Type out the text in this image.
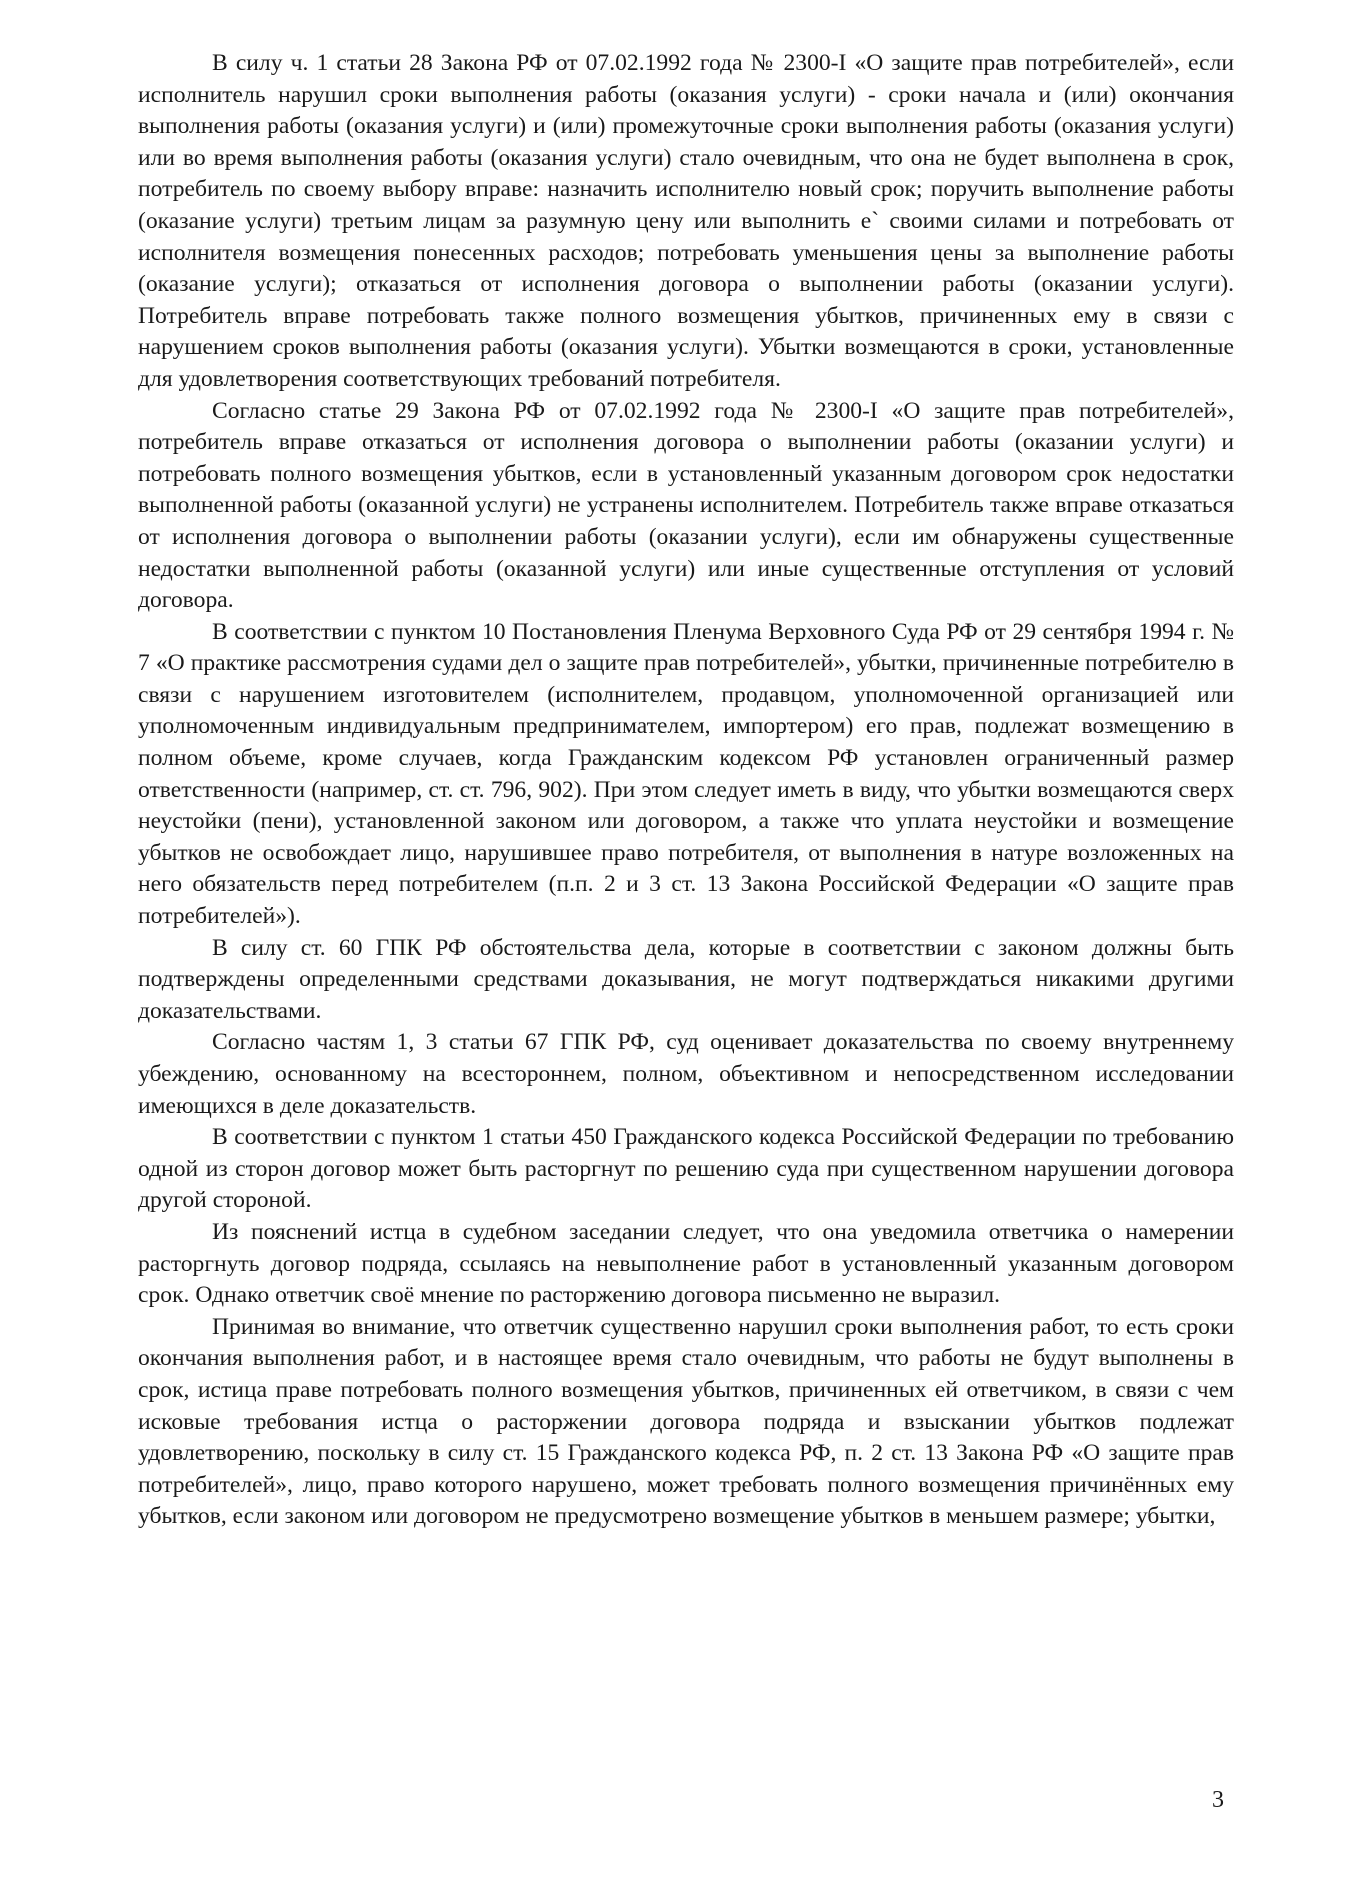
В силу ч. 1 статьи 28 Закона РФ от 07.02.1992 года № 2300-I «О защите прав потребителей», если исполнитель нарушил сроки выполнения работы (оказания услуги) - сроки начала и (или) окончания выполнения работы (оказания услуги) и (или) промежуточные сроки выполнения работы (оказания услуги) или во время выполнения работы (оказания услуги) стало очевидным, что она не будет выполнена в срок, потребитель по своему выбору вправе: назначить исполнителю новый срок; поручить выполнение работы (оказание услуги) третьим лицам за разумную цену или выполнить е` своими силами и потребовать от исполнителя возмещения понесенных расходов; потребовать уменьшения цены за выполнение работы (оказание услуги); отказаться от исполнения договора о выполнении работы (оказании услуги). Потребитель вправе потребовать также полного возмещения убытков, причиненных ему в связи с нарушением сроков выполнения работы (оказания услуги). Убытки возмещаются в сроки, установленные для удовлетворения соответствующих требований потребителя.

Согласно статье 29 Закона РФ от 07.02.1992 года № 2300-I «О защите прав потребителей», потребитель вправе отказаться от исполнения договора о выполнении работы (оказании услуги) и потребовать полного возмещения убытков, если в установленный указанным договором срок недостатки выполненной работы (оказанной услуги) не устранены исполнителем. Потребитель также вправе отказаться от исполнения договора о выполнении работы (оказании услуги), если им обнаружены существенные недостатки выполненной работы (оказанной услуги) или иные существенные отступления от условий договора.

В соответствии с пунктом 10 Постановления Пленума Верховного Суда РФ от 29 сентября 1994 г. № 7 «О практике рассмотрения судами дел о защите прав потребителей», убытки, причиненные потребителю в связи с нарушением изготовителем (исполнителем, продавцом, уполномоченной организацией или уполномоченным индивидуальным предпринимателем, импортером) его прав, подлежат возмещению в полном объеме, кроме случаев, когда Гражданским кодексом РФ установлен ограниченный размер ответственности (например, ст. ст. 796, 902). При этом следует иметь в виду, что убытки возмещаются сверх неустойки (пени), установленной законом или договором, а также что уплата неустойки и возмещение убытков не освобождает лицо, нарушившее право потребителя, от выполнения в натуре возложенных на него обязательств перед потребителем (п.п. 2 и 3 ст. 13 Закона Российской Федерации «О защите прав потребителей»).

В силу ст. 60 ГПК РФ обстоятельства дела, которые в соответствии с законом должны быть подтверждены определенными средствами доказывания, не могут подтверждаться никакими другими доказательствами.

Согласно частям 1, 3 статьи 67 ГПК РФ, суд оценивает доказательства по своему внутреннему убеждению, основанному на всестороннем, полном, объективном и непосредственном исследовании имеющихся в деле доказательств.

В соответствии с пунктом 1 статьи 450 Гражданского кодекса Российской Федерации по требованию одной из сторон договор может быть расторгнут по решению суда при существенном нарушении договора другой стороной.

Из пояснений истца в судебном заседании следует, что она уведомила ответчика о намерении расторгнуть договор подряда, ссылаясь на невыполнение работ в установленный указанным договором срок. Однако ответчик своё мнение по расторжению договора письменно не выразил.

Принимая во внимание, что ответчик существенно нарушил сроки выполнения работ, то есть сроки окончания выполнения работ, и в настоящее время стало очевидным, что работы не будут выполнены в срок, истица праве потребовать полного возмещения убытков, причиненных ей ответчиком, в связи с чем исковые требования истца о расторжении договора подряда и взыскании убытков подлежат удовлетворению, поскольку в силу ст. 15 Гражданского кодекса РФ, п. 2 ст. 13 Закона РФ «О защите прав потребителей», лицо, право которого нарушено, может требовать полного возмещения причинённых ему убытков, если законом или договором не предусмотрено возмещение убытков в меньшем размере; убытки,

3
